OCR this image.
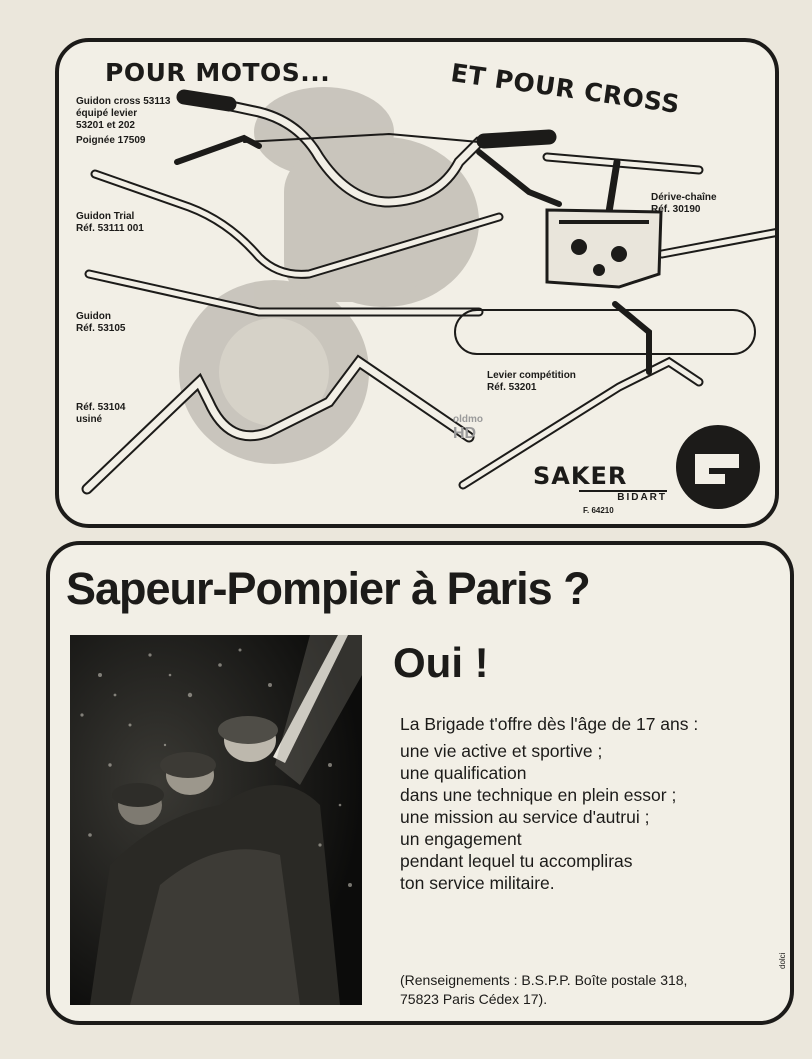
POUR MOTOS...	ET POUR CROSS
Guidon cross 53113
équipé levier
53201 et 202
Poignée 17509
Guidon Trial
Réf. 53111 001
Guidon
Réf. 53105
Réf. 53104
usiné
Dérive-chaîne
Réf. 30190
Levier compétition
Réf. 53201
oldmo
HD
SAKER
BIDART
F. 64210
Sapeur-Pompier à Paris ?
Oui !
La Brigade t'offre dès l'âge de 17 ans :
une vie active et sportive ;
une qualification
dans une technique en plein essor ;
une mission au service d'autrui ;
un engagement
pendant lequel tu accompliras
ton service militaire.
(Renseignements : B.S.P.P. Boîte postale 318,
75823 Paris Cédex 17).
dolci
